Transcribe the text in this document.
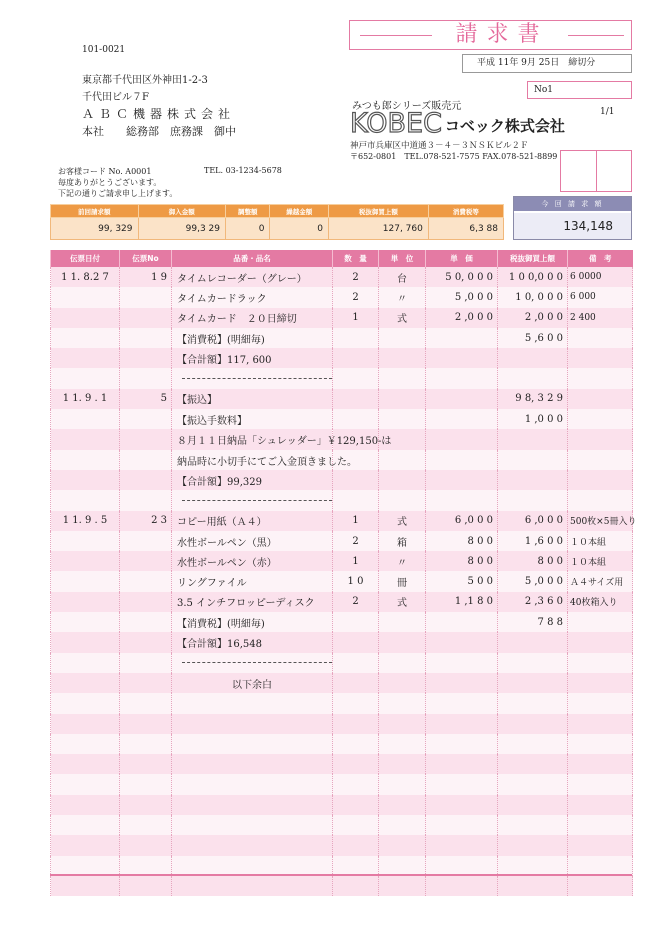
請求書
平成 11年 9月 25日　締切分
No1
1/1
101-0021
東京都千代田区外神田1-2-3
千代田ビル７F
ＡＢＣ機器株式会社
本社　　総務部　庶務課　御中
みつも郎シリーズ販売元
KOBEC コベック株式会社
神戸市兵庫区中道通３－４－３ＮＳＫビル２Ｆ
〒652-0801　TEL.078-521-7575 FAX.078-521-8899
お客様コード No. A0001	TEL. 03-1234-5678
毎度ありがとうございます。
下記の通りご請求申し上げます。
前回請求額	御入金額	調整額	繰越金額	税抜御買上額	消費税等
99, 329	99,3 29	0	0	127, 760	6,3 88
今 回 請 求 額
134,148
伝票日付	伝票No	品番・品名	数　量	単　位	単　価	税抜御買上額	備　考
1 1. 8.2 7	1 9	タイムレコーダー（グレー）	2	台	5 0, 0 0 0	1 0 0,0 0 0	6 0000
		タイムカードラック	2	〃	5 ,0 0 0	1 0, 0 0 0	6 000
		タイムカード　２０日締切	1	式	2 ,0 0 0	2 ,0 0 0	2 400
		【消費税】(明細毎)				5 ,6 0 0	
		【合計額】117, 600					

1 1. 9 . 1	5	【振込】				9 8, 3 2 9	
		【振込手数料】				1 ,0 0 0	

		８月１１日納品「シュレッダー」￥129,150-は					

		納品時に小切手にてご入金頂きました。					

		【合計額】99,329					

1 1. 9 . 5	2 3	コピー用紙（Ａ４）	1	式	6 ,0 0 0	6 ,0 0 0	500枚×5冊入り
		水性ボールペン（黒）	2	箱	8 0 0	1 ,6 0 0	１０本組
		水性ボールペン（赤）	1	〃	8 0 0	8 0 0	１０本組
		リングファイル	1 0	冊	5 0 0	5 ,0 0 0	Ａ４サイズ用
		3.5 インチフロッピーディスク	2	式	1 ,1 8 0	2 ,3 6 0	40枚箱入り
		【消費税】(明細毎)				7 8 8	
		【合計額】16,548					

		以下余白					
